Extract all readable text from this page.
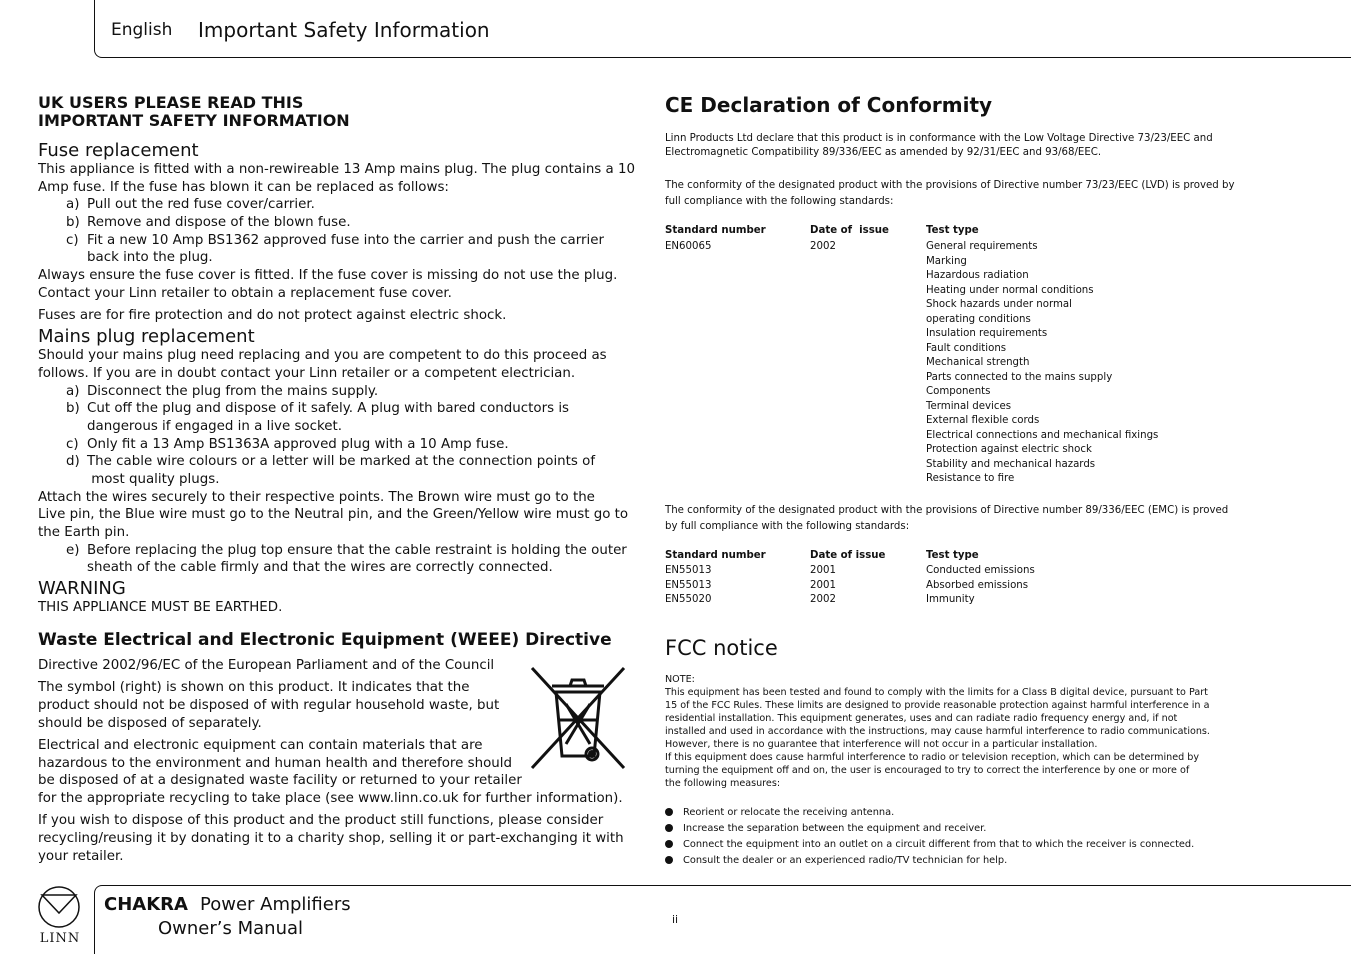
English Important Safety Information
UK USERS PLEASE READ THIS
IMPORTANT SAFETY INFORMATION
Fuse replacement
This appliance is fitted with a non-rewireable 13 Amp mains plug. The plug contains a 10
Amp fuse. If the fuse has blown it can be replaced as follows:
a) Pull out the red fuse cover/carrier.
b) Remove and dispose of the blown fuse.
c) Fit a new 10 Amp BS1362 approved fuse into the carrier and push the carrier
back into the plug.
Always ensure the fuse cover is fitted. If the fuse cover is missing do not use the plug.
Contact your Linn retailer to obtain a replacement fuse cover.
Fuses are for fire protection and do not protect against electric shock.
Mains plug replacement
Should your mains plug need replacing and you are competent to do this proceed as
follows. If you are in doubt contact your Linn retailer or a competent electrician.
a) Disconnect the plug from the mains supply.
b) Cut off the plug and dispose of it safely. A plug with bared conductors is
dangerous if engaged in a live socket.
c) Only fit a 13 Amp BS1363A approved plug with a 10 Amp fuse.
d) The cable wire colours or a letter will be marked at the connection points of
most quality plugs.
Attach the wires securely to their respective points. The Brown wire must go to the
Live pin, the Blue wire must go to the Neutral pin, and the Green/Yellow wire must go to
the Earth pin.
e) Before replacing the plug top ensure that the cable restraint is holding the outer
sheath of the cable firmly and that the wires are correctly connected.
WARNING
THIS APPLIANCE MUST BE EARTHED.
Waste Electrical and Electronic Equipment (WEEE) Directive
Directive 2002/96/EC of the European Parliament and of the Council
The symbol (right) is shown on this product. It indicates that the
product should not be disposed of with regular household waste, but
should be disposed of separately.
Electrical and electronic equipment can contain materials that are
hazardous to the environment and human health and therefore should
be disposed of at a designated waste facility or returned to your retailer
for the appropriate recycling to take place (see www.linn.co.uk for further information).
If you wish to dispose of this product and the product still functions, please consider
recycling/reusing it by donating it to a charity shop, selling it or part-exchanging it with
your retailer.
CE Declaration of Conformity
Linn Products Ltd declare that this product is in conformance with the Low Voltage Directive 73/23/EEC and
Electromagnetic Compatibility 89/336/EEC as amended by 92/31/EEC and 93/68/EEC.
The conformity of the designated product with the provisions of Directive number 73/23/EEC (LVD) is proved by
full compliance with the following standards:
Standard number	Date of  issue	Test type
EN60065	2002	General requirements
Marking
Hazardous radiation
Heating under normal conditions
Shock hazards under normal
operating conditions
Insulation requirements
Fault conditions
Mechanical strength
Parts connected to the mains supply
Components
Terminal devices
External flexible cords
Electrical connections and mechanical fixings
Protection against electric shock
Stability and mechanical hazards
Resistance to fire
The conformity of the designated product with the provisions of Directive number 89/336/EEC (EMC) is proved
by full compliance with the following standards:
Standard number	Date of issue	Test type
EN55013	2001	Conducted emissions
EN55013	2001	Absorbed emissions
EN55020	2002	Immunity
FCC notice
NOTE:
This equipment has been tested and found to comply with the limits for a Class B digital device, pursuant to Part
15 of the FCC Rules. These limits are designed to provide reasonable protection against harmful interference in a
residential installation. This equipment generates, uses and can radiate radio frequency energy and, if not
installed and used in accordance with the instructions, may cause harmful interference to radio communications.
However, there is no guarantee that interference will not occur in a particular installation.
If this equipment does cause harmful interference to radio or television reception, which can be determined by
turning the equipment off and on, the user is encouraged to try to correct the interference by one or more of
the following measures:
Reorient or relocate the receiving antenna.
Increase the separation between the equipment and receiver.
Connect the equipment into an outlet on a circuit different from that to which the receiver is connected.
Consult the dealer or an experienced radio/TV technician for help.
LINN
CHAKRA Power Amplifiers
Owner’s Manual	ii
